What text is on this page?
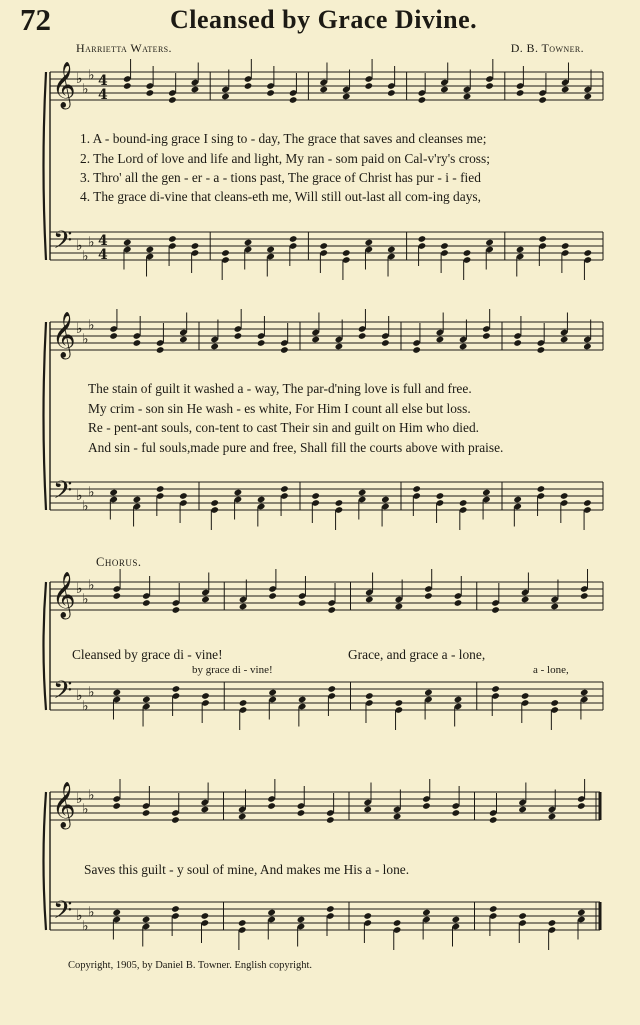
72	Cleansed by Grace Divine.
Harrietta Waters.	D. B. Towner.
𝄞
𝄢
♭
♭
♭
♭
♭
♭
4
4
4
4
1. A - bound-ing grace I sing to - day, The grace that saves and cleanses me;
2. The Lord of love and life and light, My ran - som paid on Cal-v'ry's cross;
3. Thro' all the gen - er - a - tions past, The grace of Christ has pur - i - fied
4. The grace di-vine that cleans-eth me, Will still out-last all com-ing days,
𝄞
𝄢
♭
♭
♭
♭
♭
♭
The stain of guilt it washed a - way, The par-d'ning love is full and free.
My crim - son sin He wash - es white, For Him I count all else but loss.
Re - pent-ant souls, con-tent to cast Their sin and guilt on Him who died.
And sin - ful souls,made pure and free, Shall fill the courts above with praise.
Chorus.
𝄞
𝄢
♭
♭
♭
♭
♭
♭
Cleansed by grace di - vine!	Grace, and grace a - lone,
by grace di - vine!	a - lone,
𝄞
𝄢
♭
♭
♭
♭
♭
♭
Saves this guilt - y soul of mine, And makes me His a - lone.
Copyright, 1905, by Daniel B. Towner. English copyright.
